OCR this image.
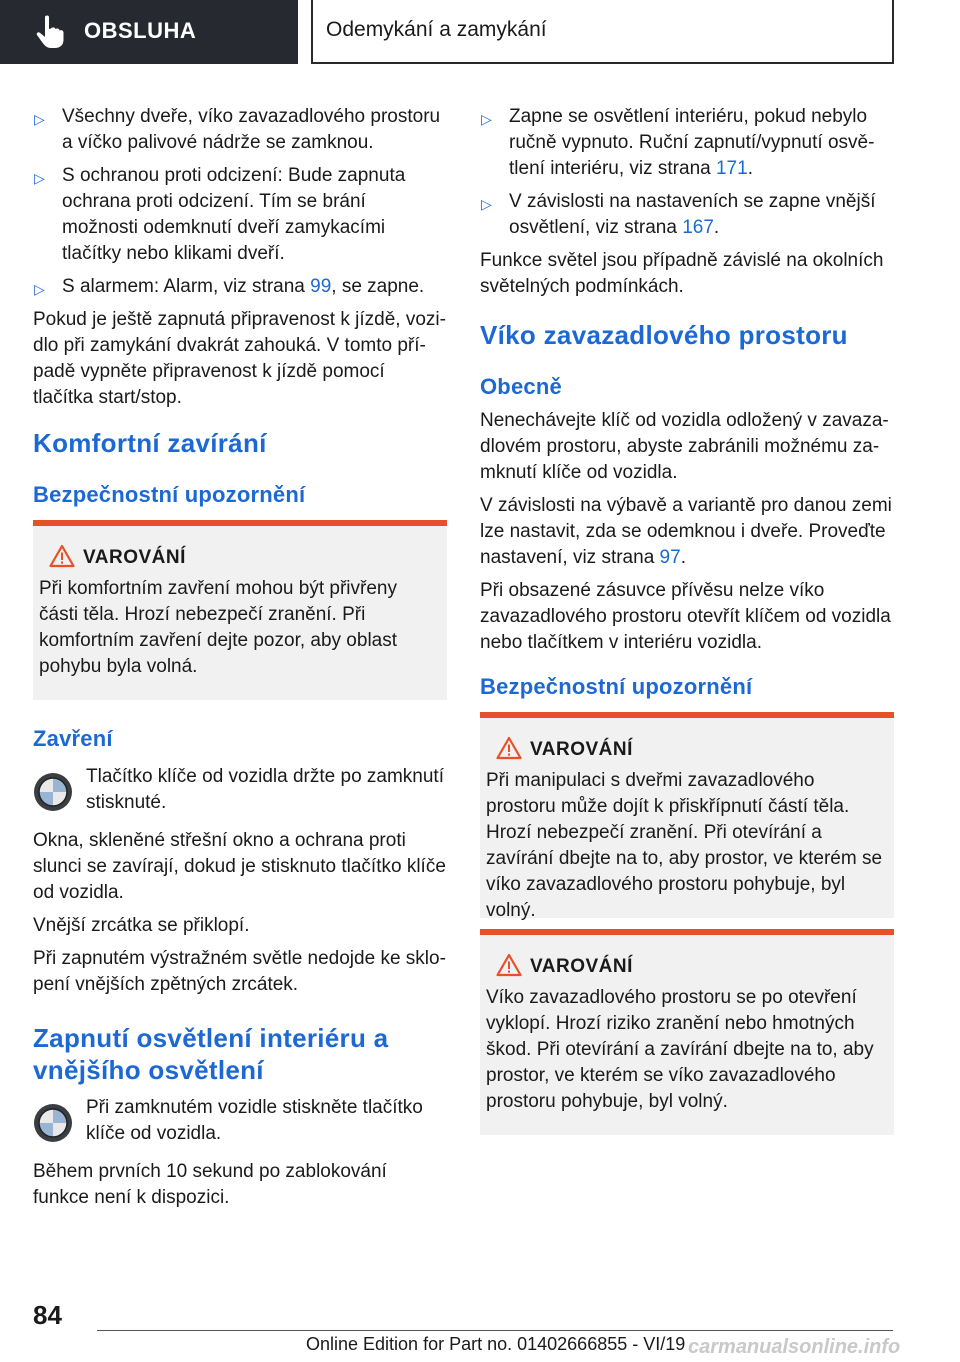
OBSLUHA	Odemykání a zamykání
▷ Všechny dveře, víko zavazadlového prostoru a víčko palivové nádrže se zamknou.
▷ S ochranou proti odcizení: Bude zapnuta ochrana proti odcizení. Tím se brání možnosti odemknutí dveří zamykacími tlačítky nebo klikami dveří.
▷ S alarmem: Alarm, viz strana 99, se zapne.
Pokud je ještě zapnutá připravenost k jízdě, vozidlo při zamykání dvakrát zahouká. V tomto případě vypněte připravenost k jízdě pomocí tlačítka start/stop.
Komfortní zavírání
Bezpečnostní upozornění
VAROVÁNÍ
Při komfortním zavření mohou být přivřeny části těla. Hrozí nebezpečí zranění. Při komfortním zavření dejte pozor, aby oblast pohybu byla volná.
Zavření
Tlačítko klíče od vozidla držte po zamknutí stisknuté.
Okna, skleněné střešní okno a ochrana proti slunci se zavírají, dokud je stisknuto tlačítko klíče od vozidla.
Vnější zrcátka se přiklopí.
Při zapnutém výstražném světle nedojde ke sklopení vnějších zpětných zrcátek.
Zapnutí osvětlení interiéru a vnějšího osvětlení
Při zamknutém vozidle stiskněte tlačítko klíče od vozidla.
Během prvních 10 sekund po zablokování funkce není k dispozici.
▷ Zapne se osvětlení interiéru, pokud nebylo ručně vypnuto. Ruční zapnutí/vypnutí osvětlení interiéru, viz strana 171.
▷ V závislosti na nastaveních se zapne vnější osvětlení, viz strana 167.
Funkce světel jsou případně závislé na okolních světelných podmínkách.
Víko zavazadlového prostoru
Obecně
Nenechávejte klíč od vozidla odložený v zavazadlovém prostoru, abyste zabránili možnému zamknutí klíče od vozidla.
V závislosti na výbavě a variantě pro danou zemi lze nastavit, zda se odemknou i dveře. Proveďte nastavení, viz strana 97.
Při obsazené zásuvce přívěsu nelze víko zavazadlového prostoru otevřít klíčem od vozidla nebo tlačítkem v interiéru vozidla.
Bezpečnostní upozornění
VAROVÁNÍ
Při manipulaci s dveřmi zavazadlového prostoru může dojít k přiskřípnutí částí těla. Hrozí nebezpečí zranění. Při otevírání a zavírání dbejte na to, aby prostor, ve kterém se víko zavazadlového prostoru pohybuje, byl volný.
VAROVÁNÍ
Víko zavazadlového prostoru se po otevření vyklopí. Hrozí riziko zranění nebo hmotných škod. Při otevírání a zavírání dbejte na to, aby prostor, ve kterém se víko zavazadlového prostoru pohybuje, byl volný.
84
Online Edition for Part no. 01402666855 - VI/19 carmanualsonline.info
